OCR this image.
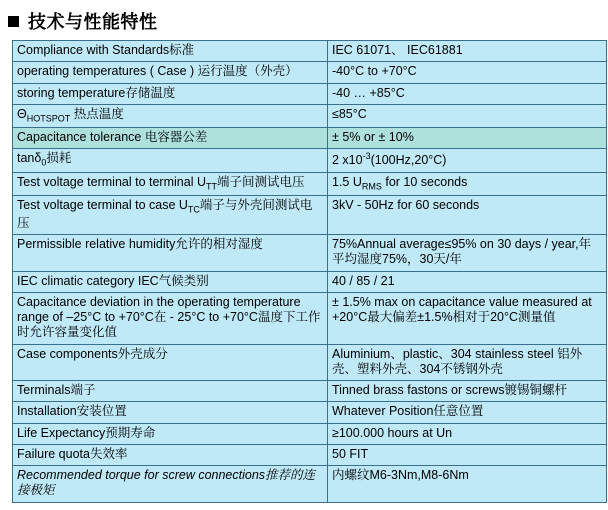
技术与性能特性
Compliance with Standards标准	IEC 61071、 IEC61881
operating temperatures ( Case ) 运行温度（外壳）	-40°C to +70°C
storing temperature存储温度	-40 … +85°C
$\Theta_{HOTSPOT}$ 热点温度	≤85°C
Capacitance tolerance 电容器公差	± 5% or ± 10%
tanδ$_0$损耗	2 $x10^{-3}(100Hz,20^\circ C)$
Test voltage terminal to terminal $U_{TT}$端子间测试电压	1.5 $U_{RMS}$ for 10 seconds
Test voltage terminal to case $U_{TC}$端子与外壳间测试电压	3kV - 50Hz for 60 seconds
Permissible relative humidity允许的相对湿度	75%Annual average≤95% on 30 days / year,年平均湿度75%，30天/年
IEC climatic category IEC气候类别	40 / 85 / 21
Capacitance deviation in the operating temperature range of –25°C to +70°C在 - 25°C to +70°C温度下工作时允许容量变化值	± 1.5% max on capacitance value measured at +20°C最大偏差±1.5%相对于20°C测量值
Case components外壳成分	Aluminium、plastic、304 stainless steel 铝外壳、塑料外壳、304不锈钢外壳
Terminals端子	Tinned brass fastons or screws镀锡铜螺杆
Installation安装位置	Whatever Position任意位置
Life Expectancy预期寿命	≥100.000 hours at Un
Failure quota失效率	50 FIT
Recommended torque for screw connections推荐的连接极矩	内螺纹M6-3Nm,M8-6Nm
